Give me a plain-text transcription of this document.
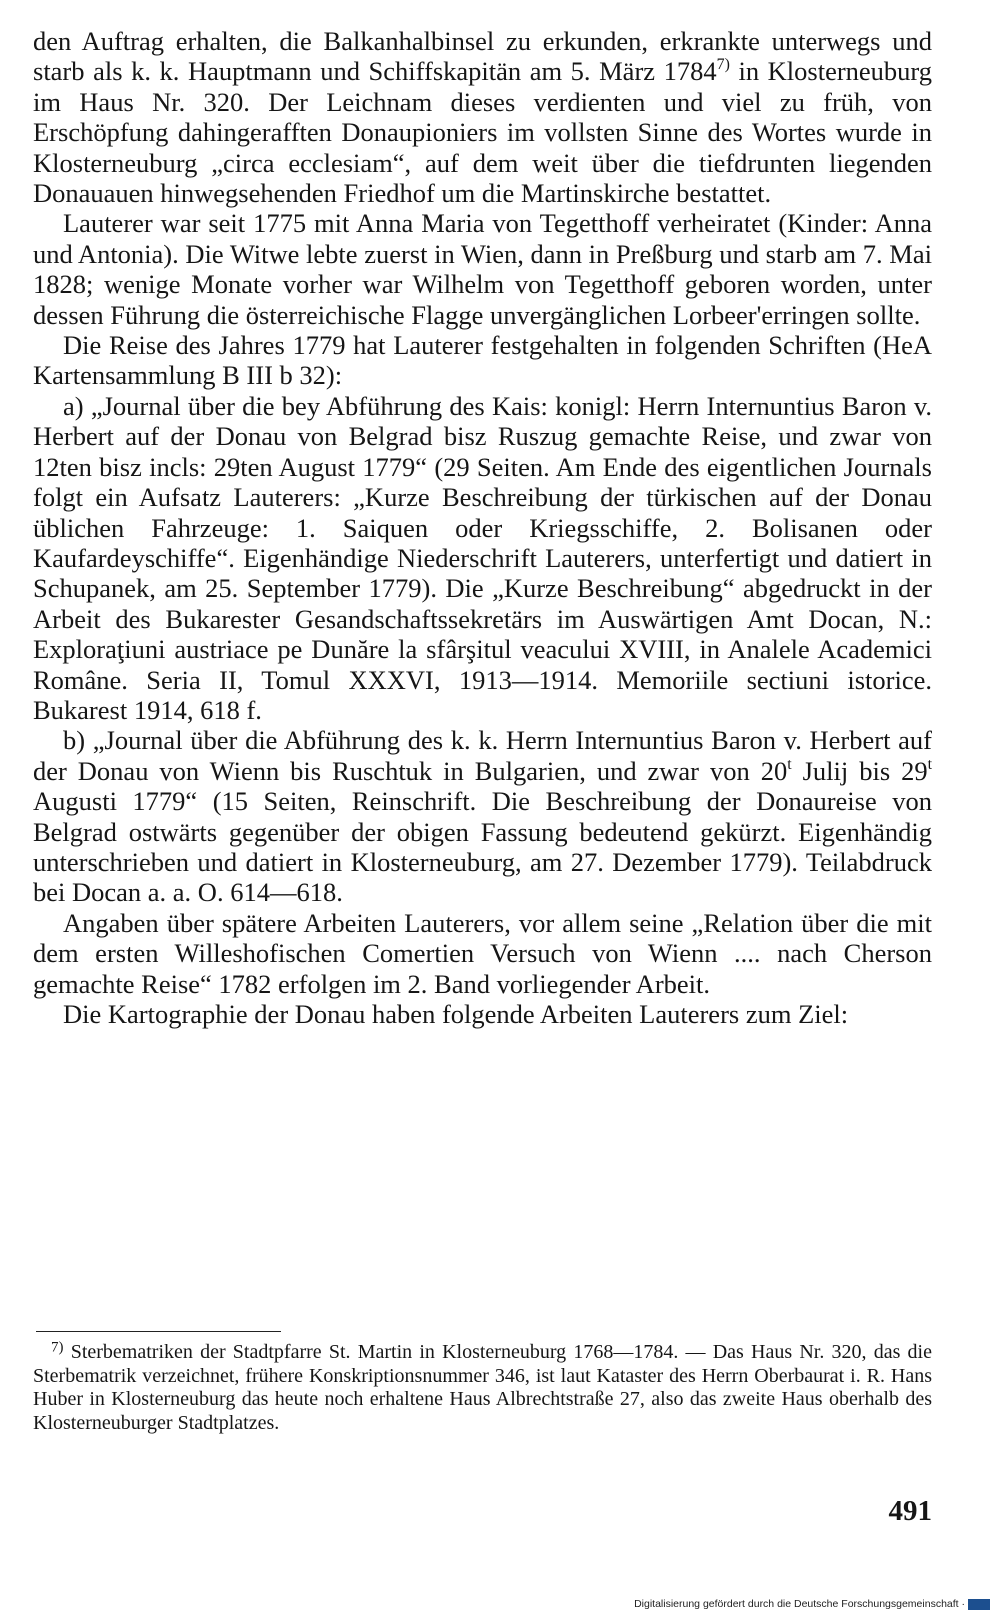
den Auftrag erhalten, die Balkanhalbinsel zu erkunden, erkrankte unterwegs und starb als k. k. Hauptmann und Schiffskapitän am 5. März 1784$^{7)}$ in Klosterneuburg im Haus Nr. 320. Der Leichnam dieses verdienten und viel zu früh, von Erschöpfung dahingerafften Donaupioniers im vollsten Sinne des Wortes wurde in Klosterneuburg „circa ecclesiam“, auf dem weit über die tiefdrunten liegenden Donauauen hinwegsehenden Friedhof um die Martinskirche bestattet.

Lauterer war seit 1775 mit Anna Maria von Tegetthoff verheiratet (Kinder: Anna und Antonia). Die Witwe lebte zuerst in Wien, dann in Preßburg und starb am 7. Mai 1828; wenige Monate vorher war Wilhelm von Tegetthoff geboren worden, unter dessen Führung die österreichische Flagge unvergänglichen Lorbeer'erringen sollte.

Die Reise des Jahres 1779 hat Lauterer festgehalten in folgenden Schriften (HeA Kartensammlung B III b 32):

a) „Journal über die bey Abführung des Kais: konigl: Herrn Internuntius Baron v. Herbert auf der Donau von Belgrad bisz Ruszug gemachte Reise, und zwar von 12ten bisz incls: 29ten August 1779“ (29 Seiten. Am Ende des eigentlichen Journals folgt ein Aufsatz Lauterers: „Kurze Beschreibung der türkischen auf der Donau üblichen Fahrzeuge: 1. Saiquen oder Kriegsschiffe, 2. Bolisanen oder Kaufardeyschiffe“. Eigenhändige Niederschrift Lauterers, unterfertigt und datiert in Schupanek, am 25. September 1779). Die „Kurze Beschreibung“ abgedruckt in der Arbeit des Bukarester Gesandschaftssekretärs im Auswärtigen Amt Docan, N.: Exploraţiuni austriace pe Dunăre la sfârşitul veacului XVIII, in Analele Academici Române. Seria II, Tomul XXXVI, 1913—1914. Memoriile sectiuni istorice. Bukarest 1914, 618 f.

b) „Journal über die Abführung des k. k. Herrn Internuntius Baron v. Herbert auf der Donau von Wienn bis Ruschtuk in Bulgarien, und zwar von 20$^t$ Julij bis 29$^t$ Augusti 1779“ (15 Seiten, Reinschrift. Die Beschreibung der Donaureise von Belgrad ostwärts gegenüber der obigen Fassung bedeutend gekürzt. Eigenhändig unterschrieben und datiert in Klosterneuburg, am 27. Dezember 1779). Teilabdruck bei Docan a. a. O. 614—618.

Angaben über spätere Arbeiten Lauterers, vor allem seine „Relation über die mit dem ersten Willeshofischen Comertien Versuch von Wienn .... nach Cherson gemachte Reise“ 1782 erfolgen im 2. Band vorliegender Arbeit.

Die Kartographie der Donau haben folgende Arbeiten Lauterers zum Ziel:

$^{7)}$ Sterbematriken der Stadtpfarre St. Martin in Klosterneuburg 1768—1784. — Das Haus Nr. 320, das die Sterbematrik verzeichnet, frühere Konskriptionsnummer 346, ist laut Kataster des Herrn Oberbaurat i. R. Hans Huber in Klosterneuburg das heute noch erhaltene Haus Albrechtstraße 27, also das zweite Haus oberhalb des Klosterneuburger Stadtplatzes.

491
Digitalisierung gefördert durch die Deutsche Forschungsgemeinschaft ·
